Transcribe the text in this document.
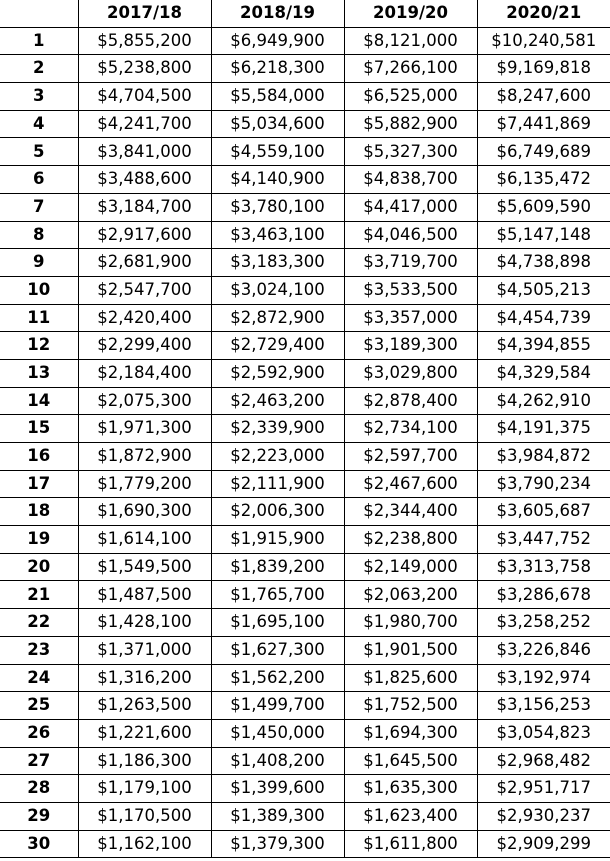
	2017/18	2018/19	2019/20	2020/21
1	$5,855,200	$6,949,900	$8,121,000	$10,240,581
2	$5,238,800	$6,218,300	$7,266,100	$9,169,818
3	$4,704,500	$5,584,000	$6,525,000	$8,247,600
4	$4,241,700	$5,034,600	$5,882,900	$7,441,869
5	$3,841,000	$4,559,100	$5,327,300	$6,749,689
6	$3,488,600	$4,140,900	$4,838,700	$6,135,472
7	$3,184,700	$3,780,100	$4,417,000	$5,609,590
8	$2,917,600	$3,463,100	$4,046,500	$5,147,148
9	$2,681,900	$3,183,300	$3,719,700	$4,738,898
10	$2,547,700	$3,024,100	$3,533,500	$4,505,213
11	$2,420,400	$2,872,900	$3,357,000	$4,454,739
12	$2,299,400	$2,729,400	$3,189,300	$4,394,855
13	$2,184,400	$2,592,900	$3,029,800	$4,329,584
14	$2,075,300	$2,463,200	$2,878,400	$4,262,910
15	$1,971,300	$2,339,900	$2,734,100	$4,191,375
16	$1,872,900	$2,223,000	$2,597,700	$3,984,872
17	$1,779,200	$2,111,900	$2,467,600	$3,790,234
18	$1,690,300	$2,006,300	$2,344,400	$3,605,687
19	$1,614,100	$1,915,900	$2,238,800	$3,447,752
20	$1,549,500	$1,839,200	$2,149,000	$3,313,758
21	$1,487,500	$1,765,700	$2,063,200	$3,286,678
22	$1,428,100	$1,695,100	$1,980,700	$3,258,252
23	$1,371,000	$1,627,300	$1,901,500	$3,226,846
24	$1,316,200	$1,562,200	$1,825,600	$3,192,974
25	$1,263,500	$1,499,700	$1,752,500	$3,156,253
26	$1,221,600	$1,450,000	$1,694,300	$3,054,823
27	$1,186,300	$1,408,200	$1,645,500	$2,968,482
28	$1,179,100	$1,399,600	$1,635,300	$2,951,717
29	$1,170,500	$1,389,300	$1,623,400	$2,930,237
30	$1,162,100	$1,379,300	$1,611,800	$2,909,299
